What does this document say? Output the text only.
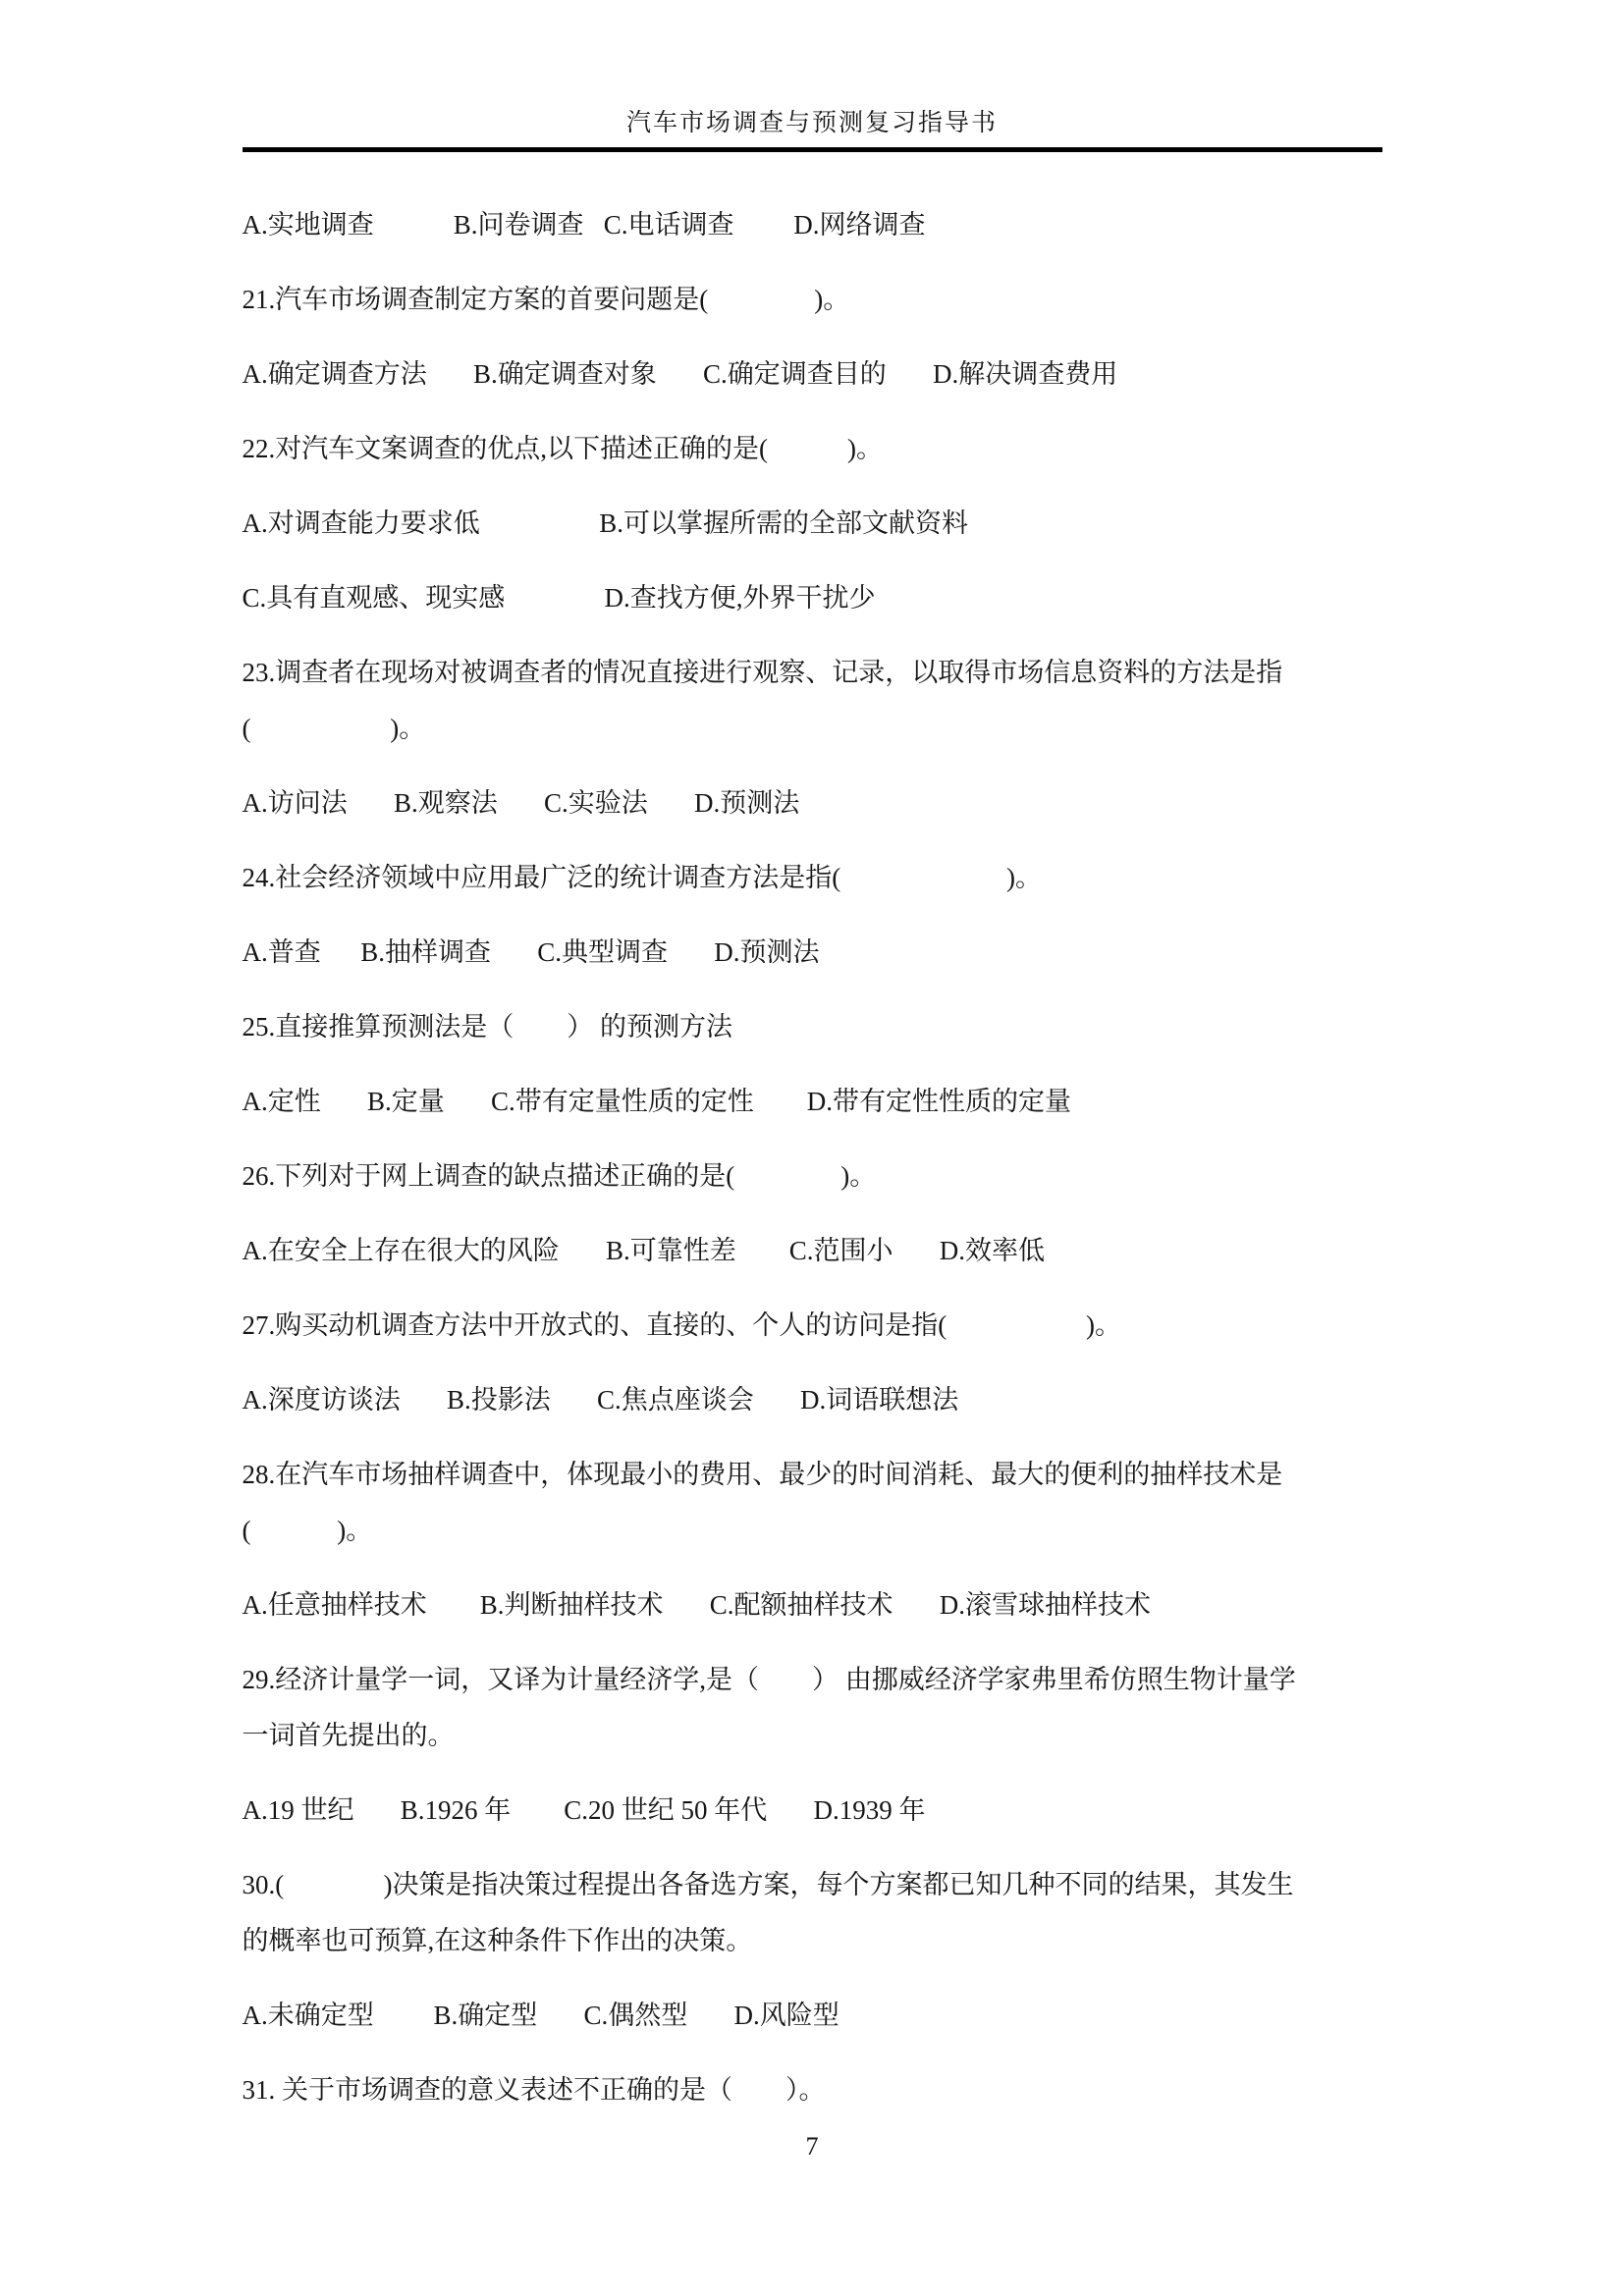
汽车市场调查与预测复习指导书

A.实地调查            B.问卷调查   C.电话调查         D.网络调查

21.汽车市场调查制定方案的首要问题是(                )。

A.确定调查方法       B.确定调查对象       C.确定调查目的       D.解决调查费用

22.对汽车文案调查的优点,以下描述正确的是(            )。

A.对调查能力要求低                  B.可以掌握所需的全部文献资料

C.具有直观感、现实感               D.查找方便,外界干扰少

23.调查者在现场对被调查者的情况直接进行观察、记录，以取得市场信息资料的方法是指

(                     )。

A.访问法       B.观察法       C.实验法       D.预测法

24.社会经济领域中应用最广泛的统计调查方法是指(                         )。

A.普查      B.抽样调查       C.典型调查       D.预测法

25.直接推算预测法是（        ） 的预测方法

A.定性       B.定量       C.带有定量性质的定性        D.带有定性性质的定量

26.下列对于网上调查的缺点描述正确的是(                )。

A.在安全上存在很大的风险       B.可靠性差        C.范围小       D.效率低

27.购买动机调查方法中开放式的、直接的、个人的访问是指(                     )。

A.深度访谈法       B.投影法       C.焦点座谈会       D.词语联想法

28.在汽车市场抽样调查中，体现最小的费用、最少的时间消耗、最大的便利的抽样技术是

(             )。

A.任意抽样技术        B.判断抽样技术       C.配额抽样技术       D.滚雪球抽样技术

29.经济计量学一词，又译为计量经济学,是（        ） 由挪威经济学家弗里希仿照生物计量学

一词首先提出的。

A.19 世纪       B.1926 年        C.20 世纪 50 年代       D.1939 年

30.(               )决策是指决策过程提出各备选方案，每个方案都已知几种不同的结果，其发生

的概率也可预算,在这种条件下作出的决策。

A.未确定型         B.确定型       C.偶然型       D.风险型

31. 关于市场调查的意义表述不正确的是（        ）。

7
